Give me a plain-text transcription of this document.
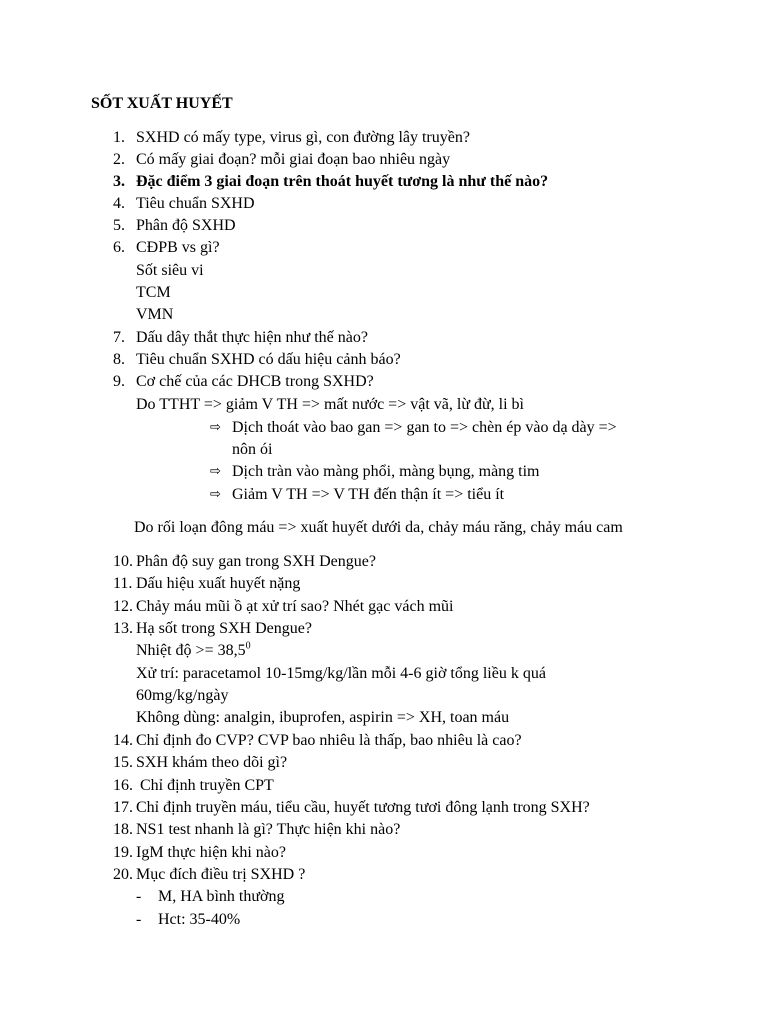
SỐT XUẤT HUYẾT
1. SXHD có mấy type, virus gì, con đường lây truyền?
2. Có mấy giai đoạn? mỗi giai đoạn bao nhiêu ngày
3. Đặc điểm 3 giai đoạn trên thoát huyết tương là như thế nào?
4. Tiêu chuẩn SXHD
5. Phân độ SXHD
6. CĐPB vs gì?
Sốt siêu vi
TCM
VMN
7. Dấu dây thắt thực hiện như thế nào?
8. Tiêu chuẩn SXHD có dấu hiệu cảnh báo?
9. Cơ chế của các DHCB trong SXHD?
Do TTHT => giảm V TH => mất nước => vật vã, lừ đừ, li bì
⇨ Dịch thoát vào bao gan => gan to => chèn ép vào dạ dày =>
nôn ói
⇨ Dịch tràn vào màng phổi, màng bụng, màng tim
⇨ Giảm V TH => V TH đến thận ít => tiểu ít
Do rối loạn đông máu => xuất huyết dưới da, chảy máu răng, chảy máu cam
10. Phân độ suy gan trong SXH Dengue?
11. Dấu hiệu xuất huyết nặng
12. Chảy máu mũi ồ ạt xử trí sao? Nhét gạc vách mũi
13. Hạ sốt trong SXH Dengue?
Nhiệt độ >= $38,5^0$
Xử trí: paracetamol 10-15mg/kg/lần mỗi 4-6 giờ tổng liều k quá
60mg/kg/ngày
Không dùng: analgin, ibuprofen, aspirin => XH, toan máu
14. Chỉ định đo CVP? CVP bao nhiêu là thấp, bao nhiêu là cao?
15. SXH khám theo dõi gì?
16. Chỉ định truyền CPT
17. Chỉ định truyền máu, tiểu cầu, huyết tương tươi đông lạnh trong SXH?
18. NS1 test nhanh là gì? Thực hiện khi nào?
19. IgM thực hiện khi nào?
20. Mục đích điều trị SXHD ?
- M, HA bình thường
- Hct: 35-40%
